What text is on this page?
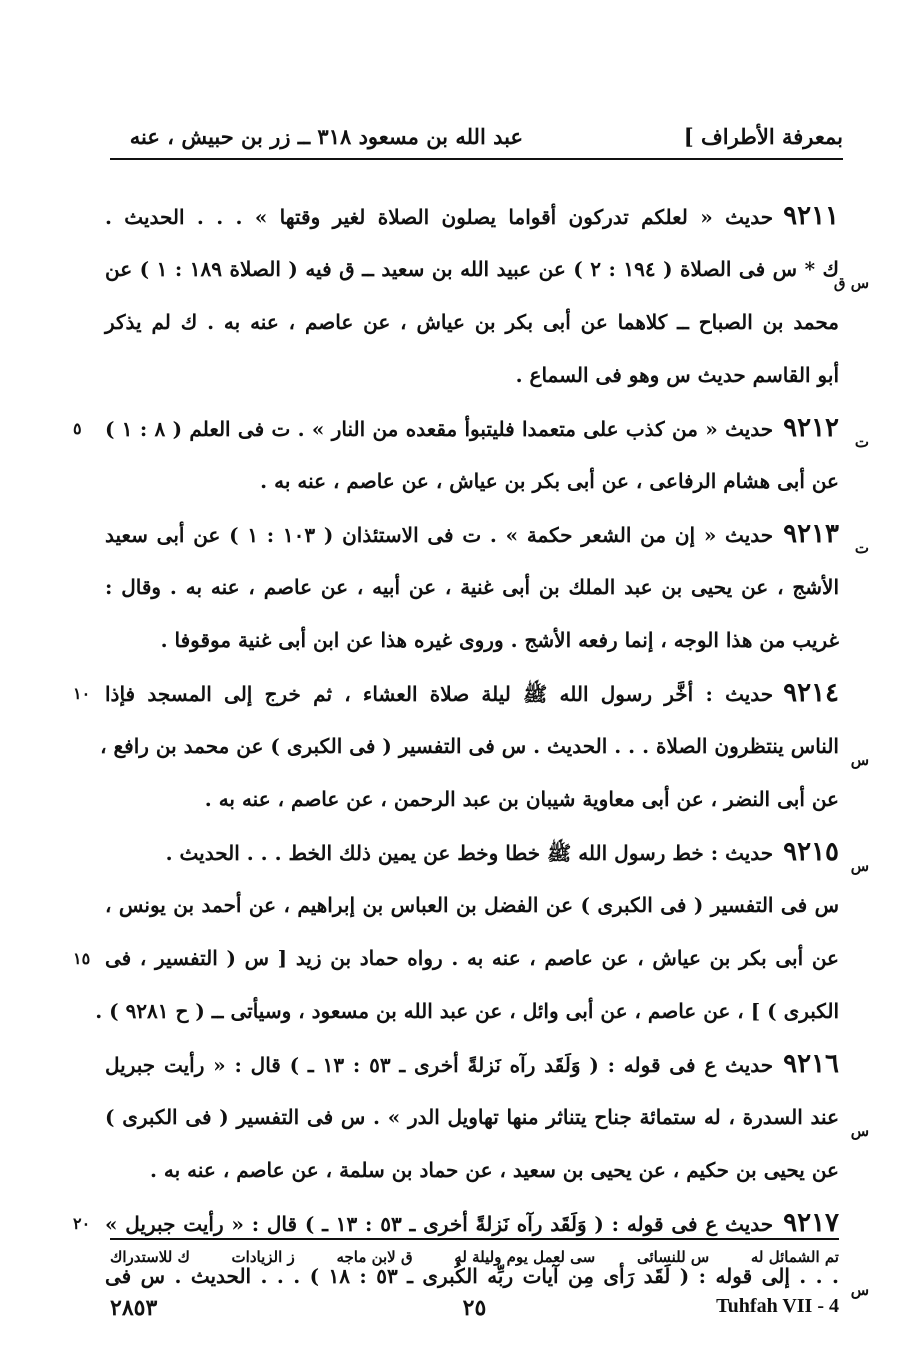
بمعرفة الأطراف ]
عبد الله بن مسعود ٣١٨ ــ زر بن حبيش ، عنه
٩٢١١حديث « لعلكم تدركون أقواما يصلون الصلاة لغير وقتها » . . . الحديث .
ك * س فى الصلاة ( ١٩٤ : ٢ ) عن عبيد الله بن سعيد ــ ق فيه ( الصلاة ١٨٩ : ١ ) عن
س ق
محمد بن الصباح ــ كلاهما عن أبى بكر بن عياش ، عن عاصم ، عنه به . ك لم يذكر
أبو القاسم حديث س وهو فى السماع .
٩٢١٢حديث « من كذب على متعمدا فليتبوأ مقعده من النار » . ت فى العلم ( ٨ : ١ )
ت
٥
عن أبى هشام الرفاعى ، عن أبى بكر بن عياش ، عن عاصم ، عنه به .
٩٢١٣حديث « إن من الشعر حكمة » . ت فى الاستئذان ( ١٠٣ : ١ ) عن أبى سعيد
ت
الأشج ، عن يحيى بن عبد الملك بن أبى غنية ، عن أبيه ، عن عاصم ، عنه به . وقال :
غريب من هذا الوجه ، إنما رفعه الأشج . وروى غيره هذا عن ابن أبى غنية موقوفا .
٩٢١٤حديث : أخَّر رسول الله ﷺ ليلة صلاة العشاء ، ثم خرج إلى المسجد فإذا
١٠
الناس ينتظرون الصلاة . . . الحديث . س فى التفسير ( فى الكبرى ) عن محمد بن رافع ،
س
عن أبى النضر ، عن أبى معاوية شيبان بن عبد الرحمن ، عن عاصم ، عنه به .
٩٢١٥حديث : خط رسول الله ﷺ خطا وخط عن يمين ذلك الخط . . . الحديث .
س
س فى التفسير ( فى الكبرى ) عن الفضل بن العباس بن إبراهيم ، عن أحمد بن يونس ،
عن أبى بكر بن عياش ، عن عاصم ، عنه به . رواه حماد بن زيد [ س ( التفسير ، فى
١٥
الكبرى ) ] ، عن عاصم ، عن أبى وائل ، عن عبد الله بن مسعود ، وسيأتى ــ ( ح ٩٢٨١ ) .
٩٢١٦حديث ع فى قوله : ( وَلَقَد رآه نَزلةً أخرى ـ ٥٣ : ١٣ ـ ) قال : « رأيت جبريل
عند السدرة ، له ستمائة جناح يتناثر منها تهاويل الدر » . س فى التفسير ( فى الكبرى )
س
عن يحيى بن حكيم ، عن يحيى بن سعيد ، عن حماد بن سلمة ، عن عاصم ، عنه به .
٩٢١٧حديث ع فى قوله : ( وَلَقَد رآه نَزلةً أخرى ـ ٥٣ : ١٣ ـ ) قال : « رأيت جبريل »
٢٠
. . . إلى قوله : ( لَقَد رَأى مِن آيات ربِّه الكُبرى ـ ٥٣ : ١٨ ) . . . الحديث . س فى
س
تم الشمائل له
س للنسائى
سى لعمل يوم وليلة له
ق لابن ماجه
ز الزيادات
ك للاستدراك
٢٨٥٣	٢٥	Tuhfah VII - 4
